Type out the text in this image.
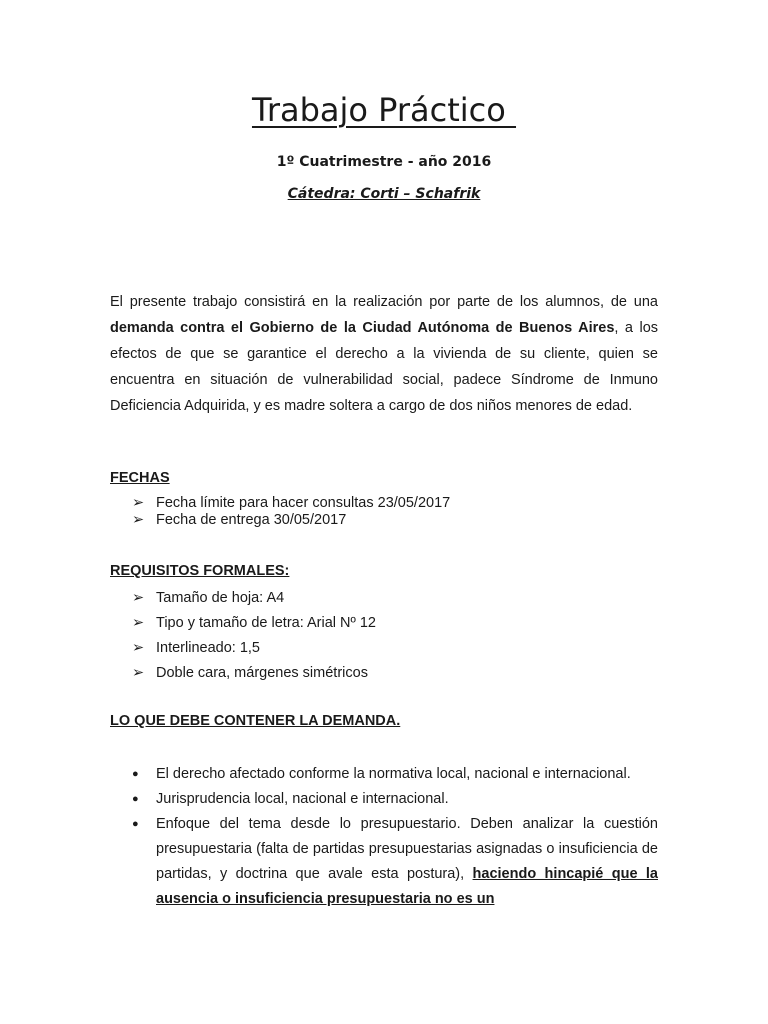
Trabajo Práctico
1º Cuatrimestre - año 2016
Cátedra: Corti – Schafrik

El presente trabajo consistirá en la realización por parte de los alumnos, de una demanda contra el Gobierno de la Ciudad Autónoma de Buenos Aires, a los efectos de que se garantice el derecho a la vivienda de su cliente, quien se encuentra en situación de vulnerabilidad social, padece Síndrome de Inmuno Deficiencia Adquirida, y es madre soltera a cargo de dos niños menores de edad.

FECHAS

➢ Fecha límite para hacer consultas 23/05/2017
➢ Fecha de entrega 30/05/2017

REQUISITOS FORMALES:

➢ Tamaño de hoja: A4
➢ Tipo y tamaño de letra: Arial Nº 12
➢ Interlineado: 1,5
➢ Doble cara, márgenes simétricos

LO QUE DEBE CONTENER LA DEMANDA.

● El derecho afectado conforme la normativa local, nacional e internacional.
● Jurisprudencia local, nacional e internacional.
● Enfoque del tema desde lo presupuestario. Deben analizar la cuestión presupuestaria (falta de partidas presupuestarias asignadas o insuficiencia de partidas, y doctrina que avale esta postura), haciendo hincapié que la ausencia o insuficiencia presupuestaria no es un
